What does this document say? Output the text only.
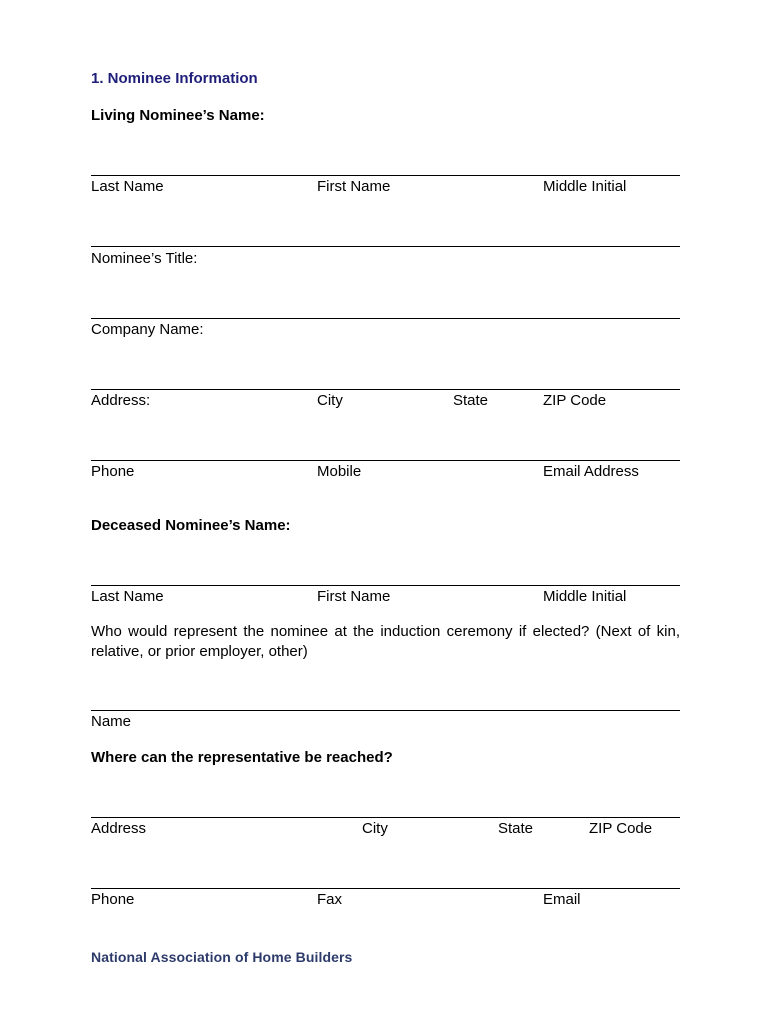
1. Nominee Information
Living Nominee’s Name:
Last Name	First Name	Middle Initial
Nominee’s Title:
Company Name:
Address:	City	State	ZIP Code
Phone	Mobile	Email Address
Deceased Nominee’s Name:
Last Name	First Name	Middle Initial
Who would represent the nominee at the induction ceremony if elected? (Next of kin, relative, or prior employer, other)
Name
Where can the representative be reached?
Address	City	State	ZIP Code
Phone	Fax	Email
National Association of Home Builders
